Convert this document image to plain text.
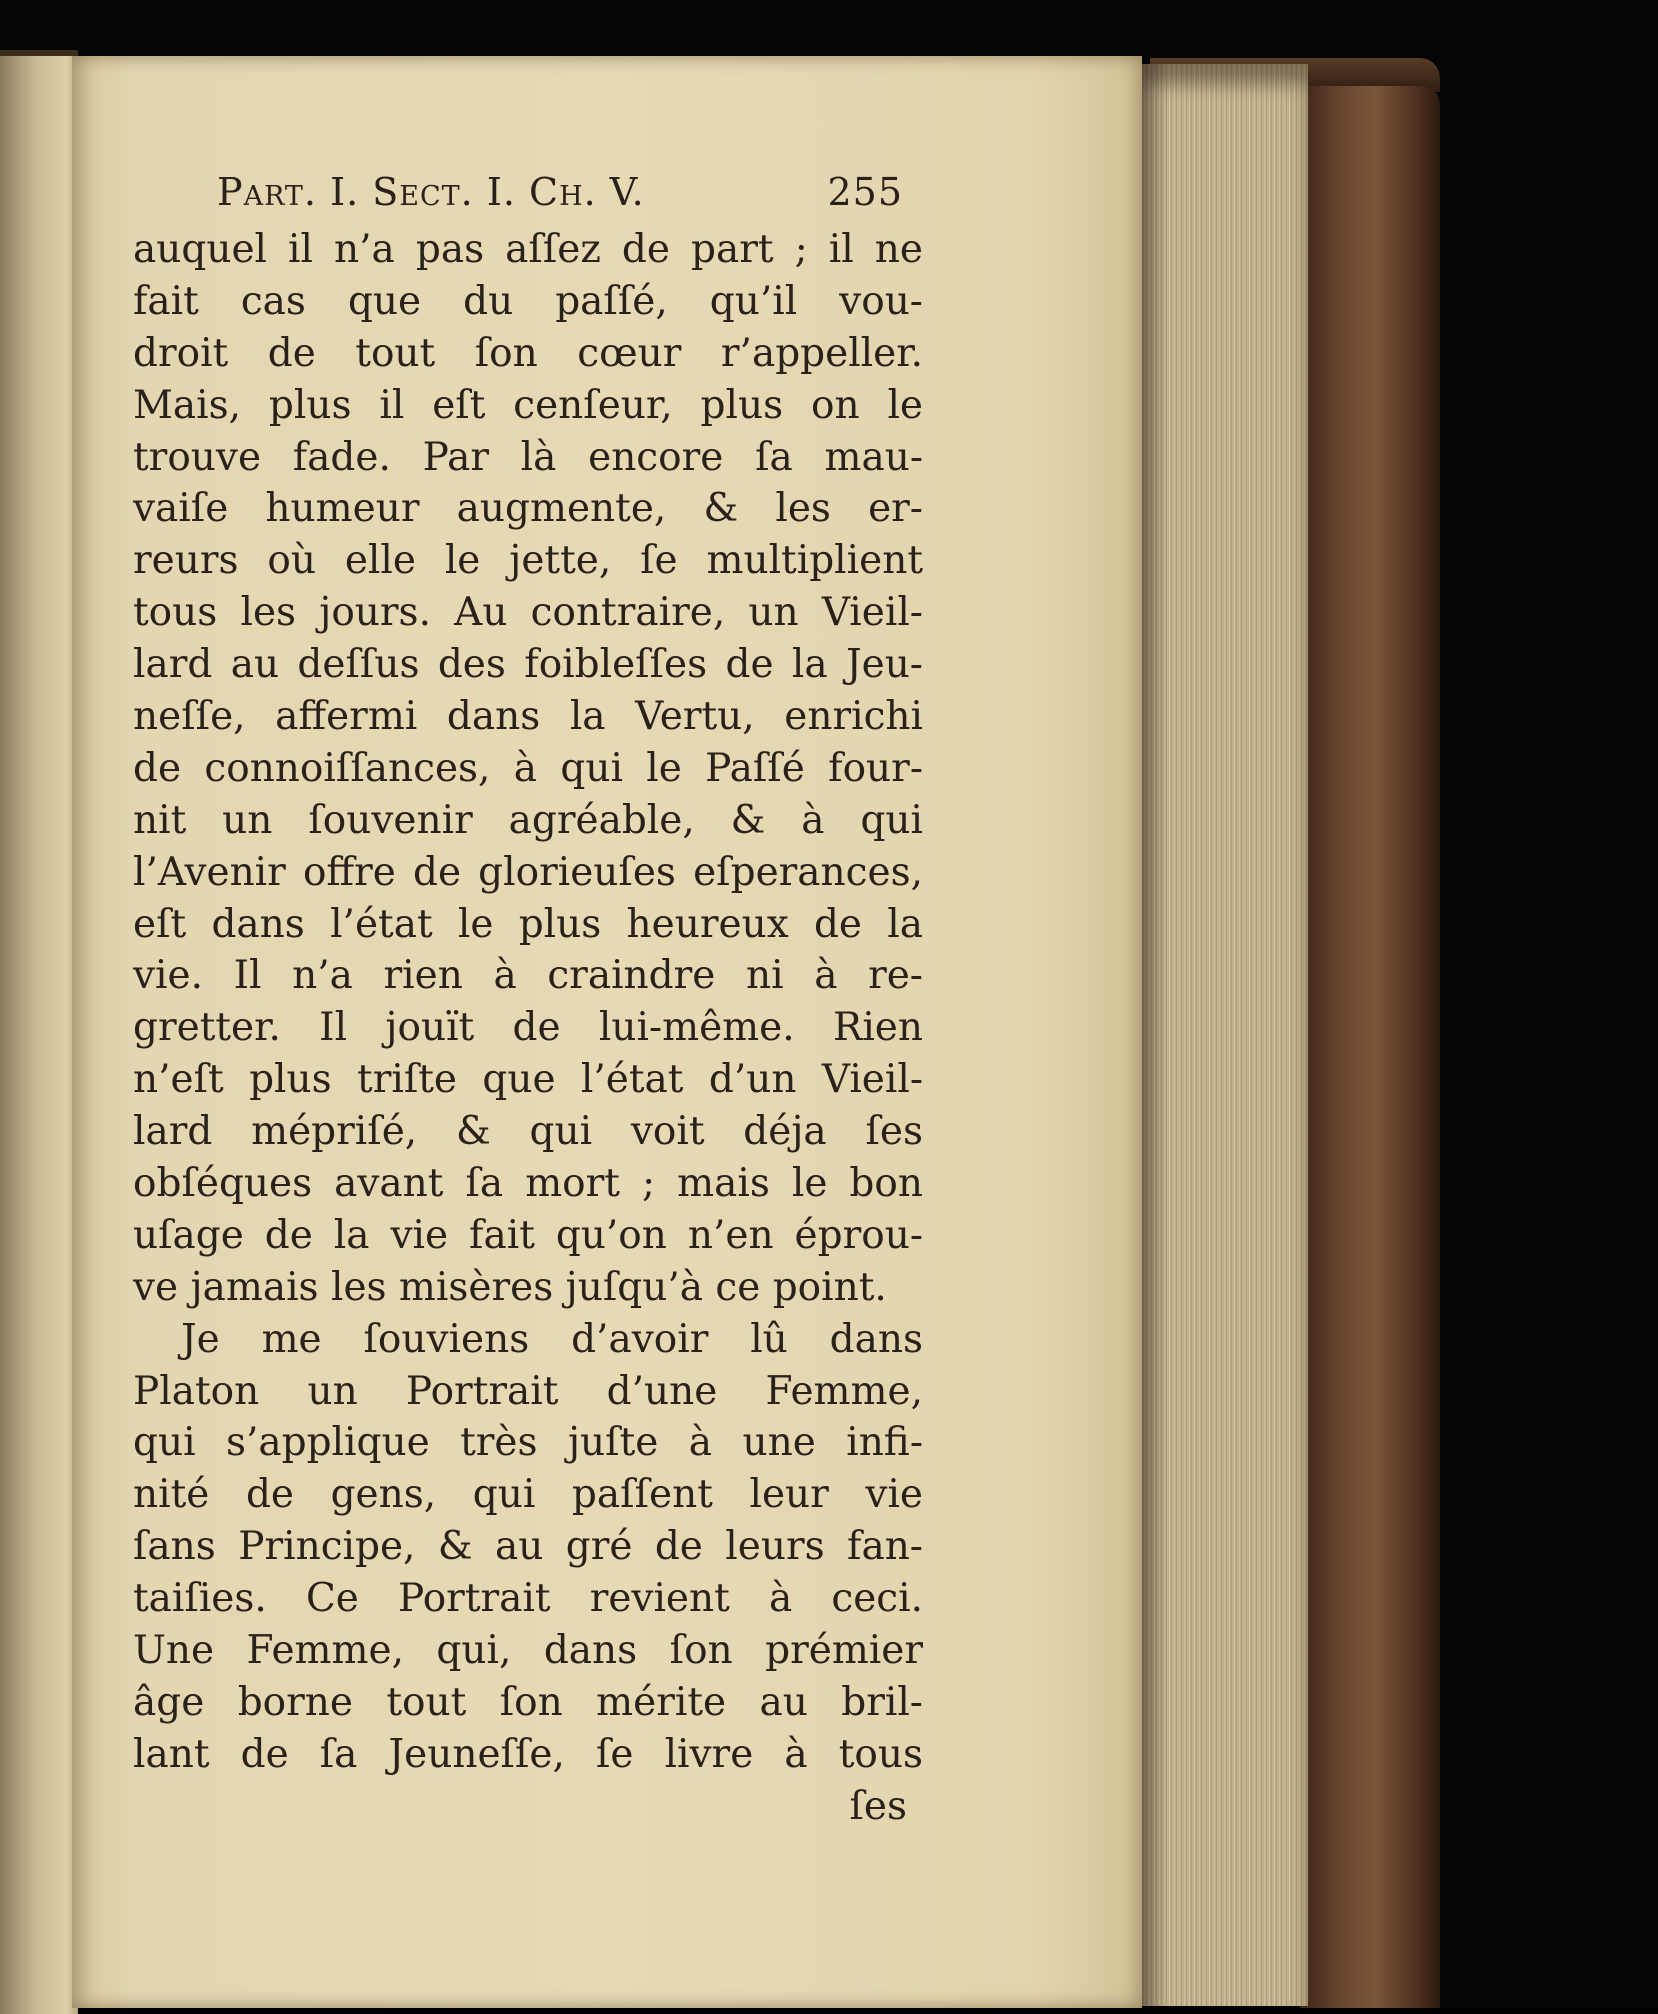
Part. I. Sect. I. Ch. V.	255
auquel il n’a pas aſſez de part ; il ne
fait cas que du paſſé, qu’il vou-
droit de tout ſon cœur r’appeller.
Mais, plus il eſt cenſeur, plus on le
trouve fade. Par là encore ſa mau-
vaiſe humeur augmente, & les er-
reurs où elle le jette, ſe multiplient
tous les jours. Au contraire, un Vieil-
lard au deſſus des foibleſſes de la Jeu-
neſſe, affermi dans la Vertu, enrichi
de connoiſſances, à qui le Paſſé four-
nit un ſouvenir agréable, & à qui
l’Avenir offre de glorieuſes eſperances,
eſt dans l’état le plus heureux de la
vie. Il n’a rien à craindre ni à re-
gretter. Il jouït de lui-même. Rien
n’eſt plus triſte que l’état d’un Vieil-
lard mépriſé, & qui voit déja ſes
obſéques avant ſa mort ; mais le bon
uſage de la vie fait qu’on n’en éprou-
ve jamais les misères juſqu’à ce point.
Je me ſouviens d’avoir lû dans
Platon un Portrait d’une Femme,
qui s’applique très juſte à une infi-
nité de gens, qui paſſent leur vie
ſans Principe, & au gré de leurs fan-
taiſies. Ce Portrait revient à ceci.
Une Femme, qui, dans ſon prémier
âge borne tout ſon mérite au bril-
lant de ſa Jeuneſſe, ſe livre à tous
ſes
